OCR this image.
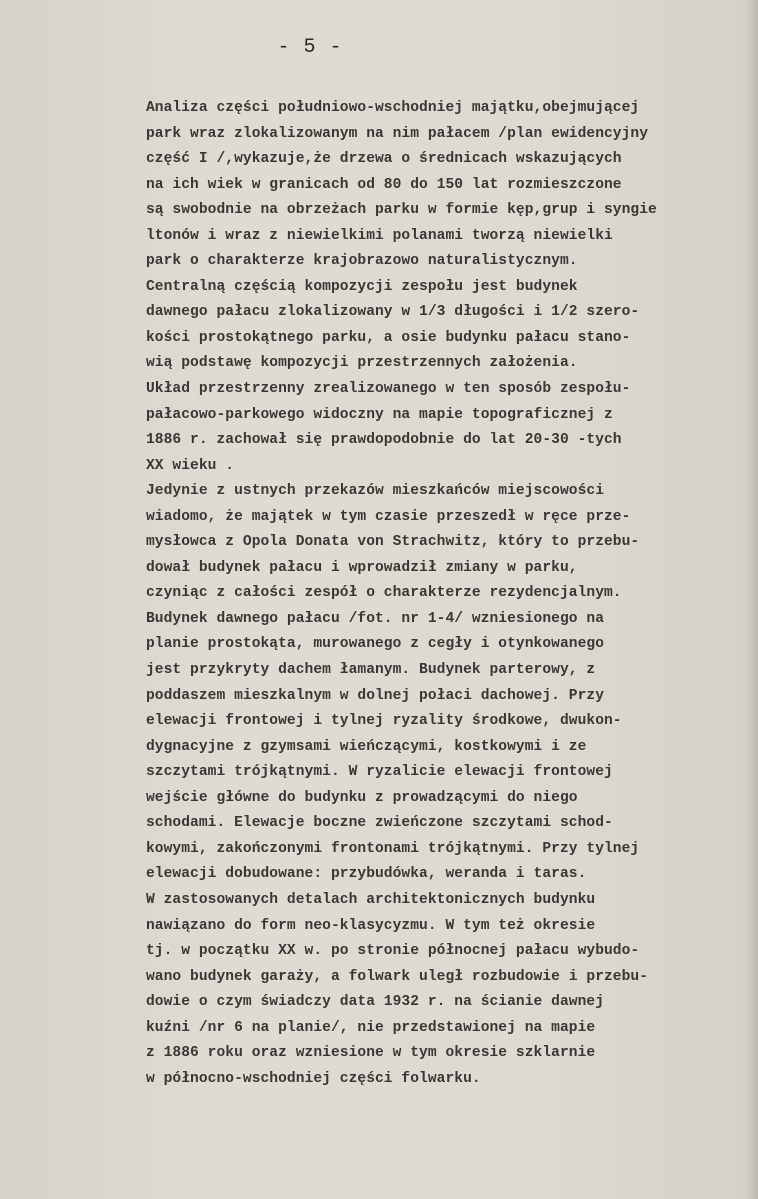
- 5 -
Analiza części południowo-wschodniej majątku,obejmującej
park wraz zlokalizowanym na nim pałacem /plan ewidencyjny
część I /,wykazuje,że drzewa o średnicach wskazujących
na ich wiek w granicach od 80 do 150 lat rozmieszczone
są swobodnie na obrzeżach parku w formie kęp,grup i syngie
ltonów i wraz z niewielkimi polanami tworzą niewielki
park o charakterze krajobrazowo naturalistycznym.
Centralną częścią kompozycji zespołu jest budynek
dawnego pałacu zlokalizowany w 1/3 długości i 1/2 szero-
kości prostokątnego parku, a osie budynku pałacu stano-
wią podstawę kompozycji przestrzennych założenia.
Układ przestrzenny zrealizowanego w ten sposób zespołu-
pałacowo-parkowego widoczny na mapie topograficznej z
1886 r. zachował się prawdopodobnie do lat 20-30 -tych
XX wieku .
Jedynie z ustnych przekazów mieszkańców miejscowości
wiadomo, że majątek w tym czasie przeszedł w ręce prze-
mysłowca z Opola Donata von Strachwitz, który to przebu-
dował budynek pałacu i wprowadził zmiany w parku,
czyniąc z całości zespół o charakterze rezydencjalnym.
Budynek dawnego pałacu /fot. nr 1-4/ wzniesionego na
planie prostokąta, murowanego z cegły i otynkowanego
jest przykryty dachem łamanym. Budynek parterowy, z
poddaszem mieszkalnym w dolnej połaci dachowej. Przy
elewacji frontowej i tylnej ryzality środkowe, dwukon-
dygnacyjne z gzymsami wieńczącymi, kostkowymi i ze
szczytami trójkątnymi. W ryzalicie elewacji frontowej
wejście główne do budynku z prowadzącymi do niego
schodami. Elewacje boczne zwieńczone szczytami schod-
kowymi, zakończonymi frontonami trójkątnymi. Przy tylnej
elewacji dobudowane: przybudówka, weranda i taras.
W zastosowanych detalach architektonicznych budynku
nawiązano do form neo-klasycyzmu. W tym też okresie
tj. w początku XX w. po stronie północnej pałacu wybudo-
wano budynek garaży, a folwark uległ rozbudowie i przebu-
dowie o czym świadczy data 1932 r. na ścianie dawnej
kuźni /nr 6 na planie/, nie przedstawionej na mapie
z 1886 roku oraz wzniesione w tym okresie szklarnie
w północno-wschodniej części folwarku.
